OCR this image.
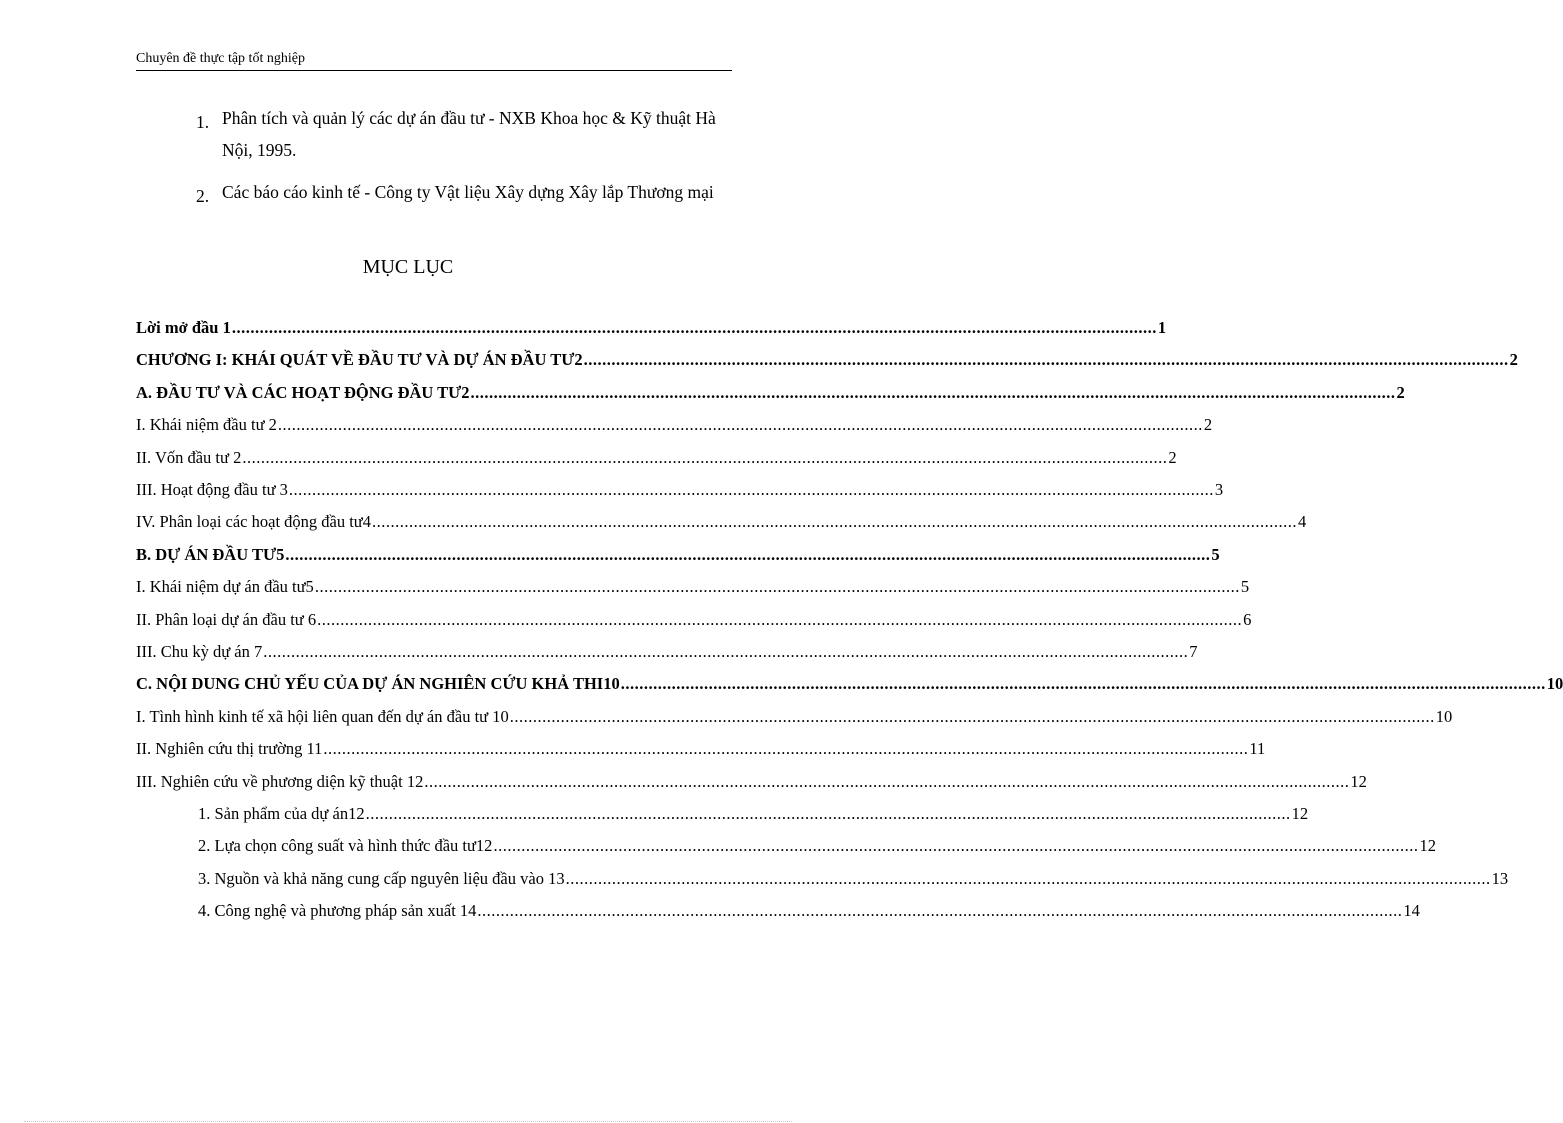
Chuyên đề thực tập tốt nghiệp
1. Phân tích và quản lý các dự án đầu tư - NXB Khoa học & Kỹ thuật Hà Nội, 1995.
2. Các báo cáo kinh tế - Công ty Vật liệu Xây dựng Xây lắp Thương mại
MỤC LỤC
Lời mở đầu 1 ........................................................................................................................................................................................................ 1
CHƯƠNG I: KHÁI QUÁT VỀ ĐẦU TƯ VÀ DỰ ÁN ĐẦU TƯ2 ........................................................................................................................................................................................................ 2
A. ĐẦU TƯ VÀ CÁC HOẠT ĐỘNG ĐẦU TƯ2 ........................................................................................................................................................................................................ 2
I. Khái niệm đầu tư 2 ........................................................................................................................................................................................................ 2
II. Vốn đầu tư 2 ........................................................................................................................................................................................................ 2
III. Hoạt động đầu tư 3 ........................................................................................................................................................................................................ 3
IV. Phân loại các hoạt động đầu tư4 ........................................................................................................................................................................................................ 4
B. DỰ ÁN ĐẦU TƯ5 ........................................................................................................................................................................................................ 5
I. Khái niệm dự án đầu tư5 ........................................................................................................................................................................................................ 5
II. Phân loại dự án đầu tư 6 ........................................................................................................................................................................................................ 6
III. Chu kỳ dự án 7 ........................................................................................................................................................................................................ 7
C. NỘI DUNG CHỦ YẾU CỦA DỰ ÁN NGHIÊN CỨU KHẢ THI10 ........................................................................................................................................................................................................ 10
I. Tình hình kinh tế xã hội liên quan đến dự án đầu tư 10 ........................................................................................................................................................................................................ 10
II. Nghiên cứu thị trường 11 ........................................................................................................................................................................................................ 11
III. Nghiên cứu về phương diện kỹ thuật 12 ........................................................................................................................................................................................................ 12
1. Sản phẩm của dự án12 ........................................................................................................................................................................................................ 12
2. Lựa chọn công suất và hình thức đầu tư12 ........................................................................................................................................................................................................ 12
3. Nguồn và khả năng cung cấp nguyên liệu đầu vào 13 ........................................................................................................................................................................................................ 13
4. Công nghệ và phương pháp sản xuất 14 ........................................................................................................................................................................................................ 14
